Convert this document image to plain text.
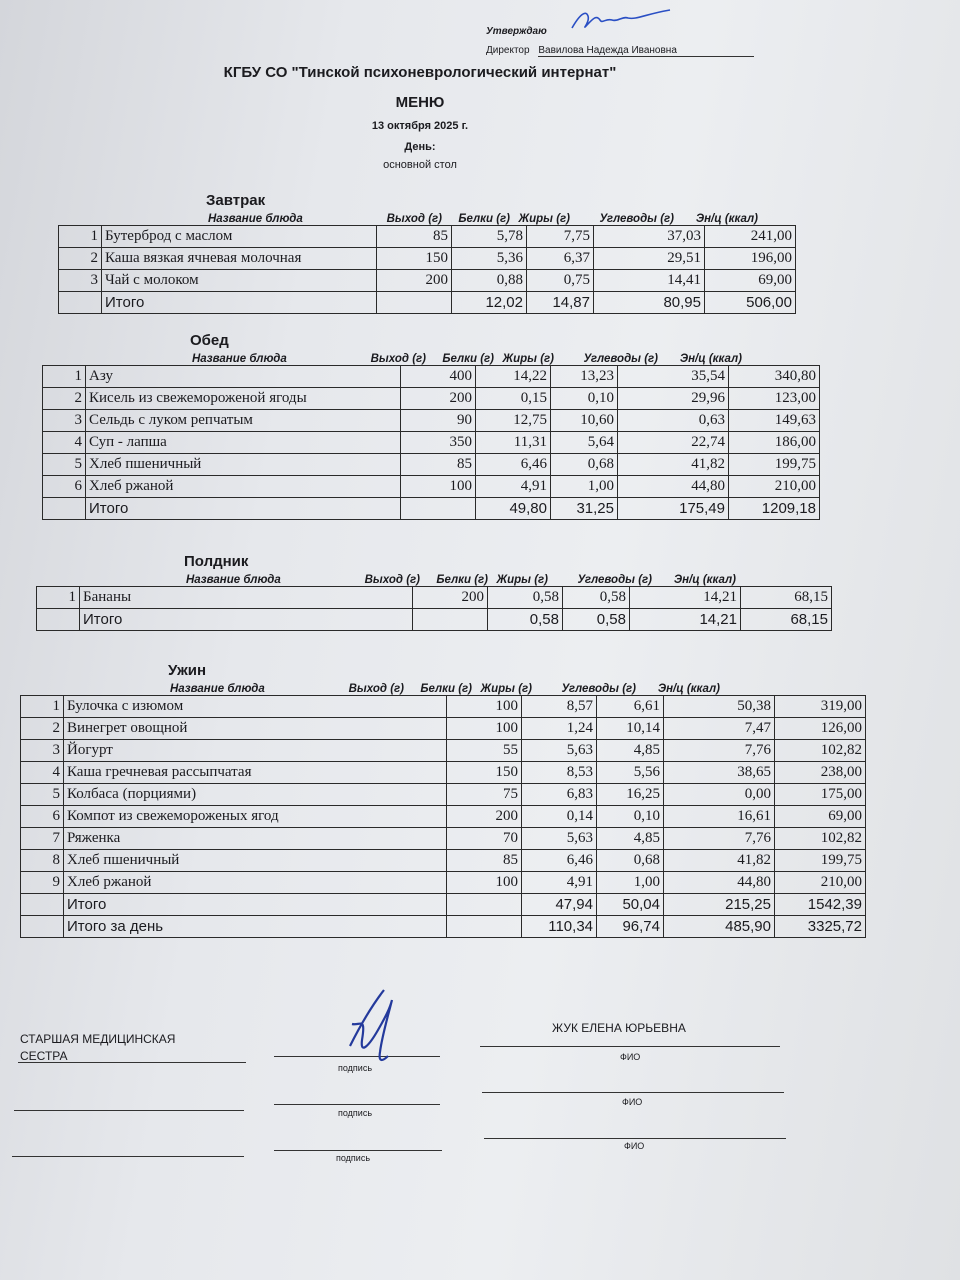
Утверждаю
Директор Вавилова Надежда Ивановна
КГБУ СО "Тинской психоневрологический интернат"
МЕНЮ
13 октября 2025 г.
День:
основной стол
Завтрак
Название блюда	Выход (г)	Белки (г) Жиры (г)	Углеводы (г)	Эн/ц (ккал)
1	Бутерброд с маслом	85	5,78	7,75	37,03	241,00
2	Каша вязкая ячневая молочная	150	5,36	6,37	29,51	196,00
3	Чай с молоком	200	0,88	0,75	14,41	69,00
	Итого		12,02	14,87	80,95	506,00
Обед
Название блюда	Выход (г)	Белки (г) Жиры (г)	Углеводы (г)	Эн/ц (ккал)
1	Азу	400	14,22	13,23	35,54	340,80
2	Кисель из свежемороженой ягоды	200	0,15	0,10	29,96	123,00
3	Сельдь с луком репчатым	90	12,75	10,60	0,63	149,63
4	Суп - лапша	350	11,31	5,64	22,74	186,00
5	Хлеб пшеничный	85	6,46	0,68	41,82	199,75
6	Хлеб ржаной	100	4,91	1,00	44,80	210,00
	Итого		49,80	31,25	175,49	1209,18
Полдник
Название блюда	Выход (г)	Белки (г) Жиры (г)	Углеводы (г)	Эн/ц (ккал)
1	Бананы	200	0,58	0,58	14,21	68,15
	Итого		0,58	0,58	14,21	68,15
Ужин
Название блюда	Выход (г)	Белки (г) Жиры (г)	Углеводы (г)	Эн/ц (ккал)
1	Булочка с изюмом	100	8,57	6,61	50,38	319,00
2	Винегрет овощной	100	1,24	10,14	7,47	126,00
3	Йогурт	55	5,63	4,85	7,76	102,82
4	Каша гречневая рассыпчатая	150	8,53	5,56	38,65	238,00
5	Колбаса (порциями)	75	6,83	16,25	0,00	175,00
6	Компот из свежемороженых ягод	200	0,14	0,10	16,61	69,00
7	Ряженка	70	5,63	4,85	7,76	102,82
8	Хлеб пшеничный	85	6,46	0,68	41,82	199,75
9	Хлеб ржаной	100	4,91	1,00	44,80	210,00
	Итого		47,94	50,04	215,25	1542,39
	Итого за день		110,34	96,74	485,90	3325,72
СТАРШАЯ МЕДИЦИНСКАЯ СЕСТРА
ЖУК ЕЛЕНА ЮРЬЕВНА
подпись
ФИО
подпись
ФИО
подпись
ФИО
